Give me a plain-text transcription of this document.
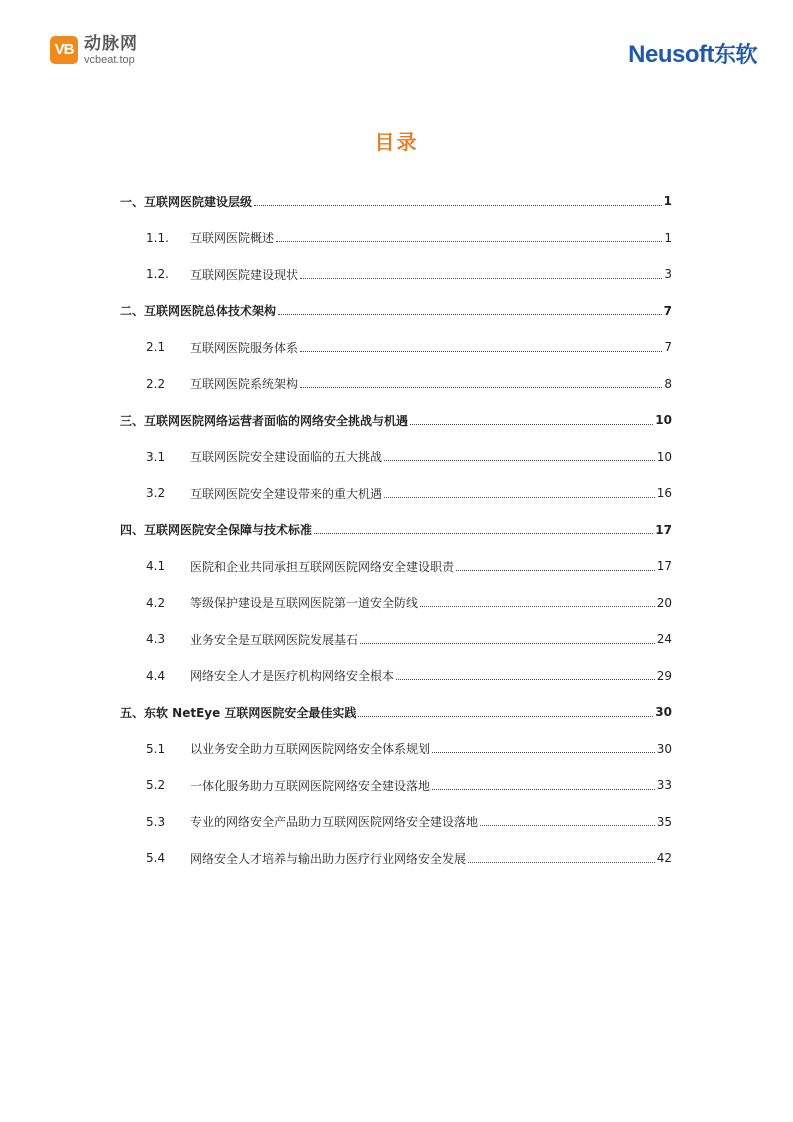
VB 动脉网
vcbeat.top	Neusoft东软
目录
一、互联网医院建设层级	1
1.1.	互联网医院概述	1
1.2.	互联网医院建设现状	3
二、互联网医院总体技术架构	7
2.1	互联网医院服务体系	7
2.2	互联网医院系统架构	8
三、互联网医院网络运营者面临的网络安全挑战与机遇	10
3.1	互联网医院安全建设面临的五大挑战	10
3.2	互联网医院安全建设带来的重大机遇	16
四、互联网医院安全保障与技术标准	17
4.1	医院和企业共同承担互联网医院网络安全建设职责	17
4.2	等级保护建设是互联网医院第一道安全防线	20
4.3	业务安全是互联网医院发展基石	24
4.4	网络安全人才是医疗机构网络安全根本	29
五、东软 NetEye 互联网医院安全最佳实践	30
5.1	以业务安全助力互联网医院网络安全体系规划	30
5.2	一体化服务助力互联网医院网络安全建设落地	33
5.3	专业的网络安全产品助力互联网医院网络安全建设落地	35
5.4	网络安全人才培养与输出助力医疗行业网络安全发展	42
